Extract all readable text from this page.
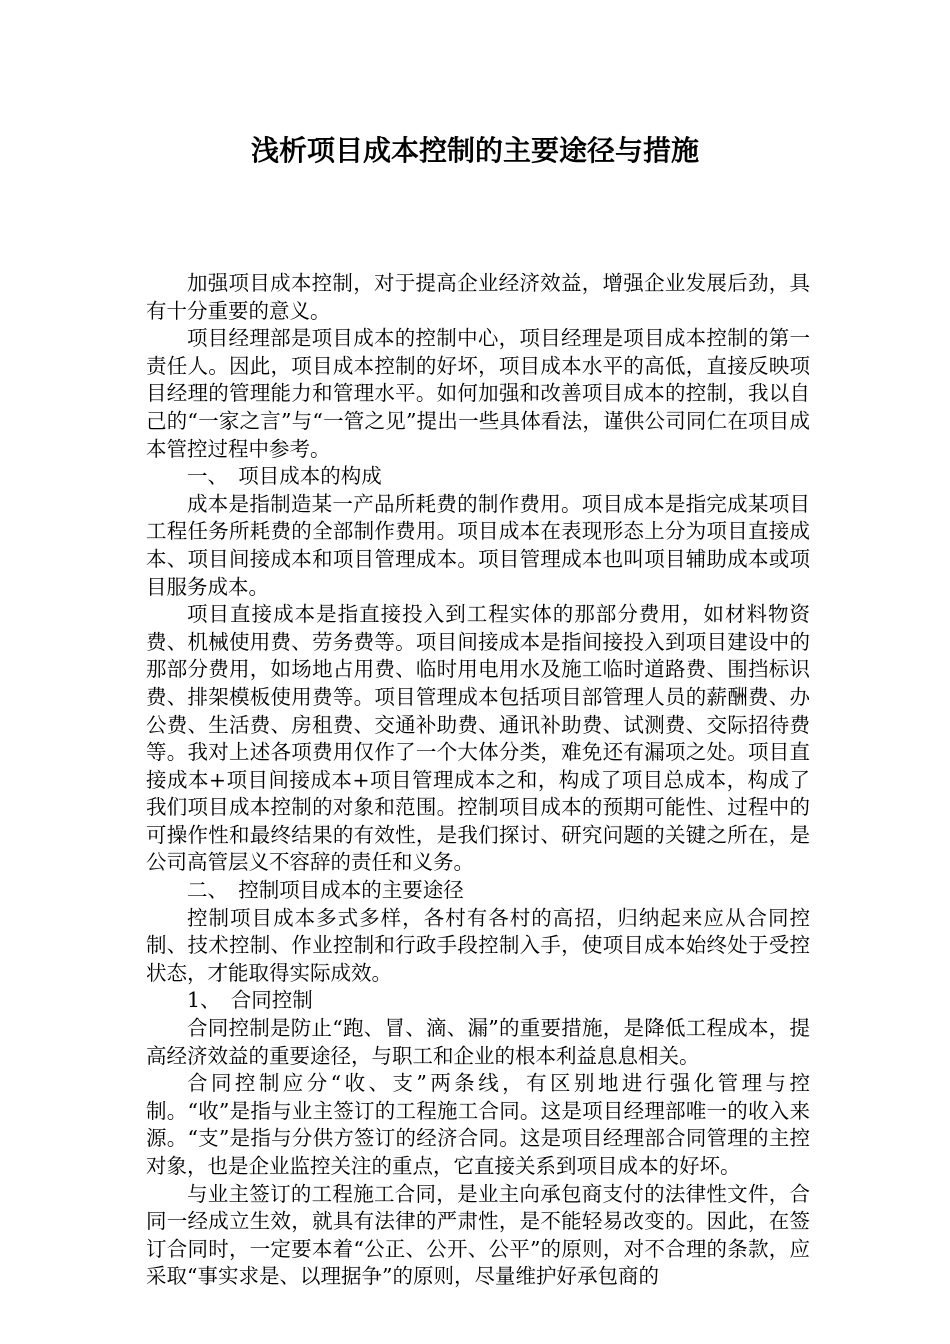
浅析项目成本控制的主要途径与措施

加强项目成本控制，对于提高企业经济效益，增强企业发展后劲，具有十分重要的意义。

项目经理部是项目成本的控制中心，项目经理是项目成本控制的第一责任人。因此，项目成本控制的好坏，项目成本水平的高低，直接反映项目经理的管理能力和管理水平。如何加强和改善项目成本的控制，我以自己的“一家之言”与“一管之见”提出一些具体看法，谨供公司同仁在项目成本管控过程中参考。

一、　项目成本的构成

成本是指制造某一产品所耗费的制作费用。项目成本是指完成某项目工程任务所耗费的全部制作费用。项目成本在表现形态上分为项目直接成本、项目间接成本和项目管理成本。项目管理成本也叫项目辅助成本或项目服务成本。

项目直接成本是指直接投入到工程实体的那部分费用，如材料物资费、机械使用费、劳务费等。项目间接成本是指间接投入到项目建设中的那部分费用，如场地占用费、临时用电用水及施工临时道路费、围挡标识费、排架模板使用费等。项目管理成本包括项目部管理人员的薪酬费、办公费、生活费、房租费、交通补助费、通讯补助费、试测费、交际招待费等。我对上述各项费用仅作了一个大体分类，难免还有漏项之处。项目直接成本+项目间接成本+项目管理成本之和，构成了项目总成本，构成了我们项目成本控制的对象和范围。控制项目成本的预期可能性、过程中的可操作性和最终结果的有效性，是我们探讨、研究问题的关键之所在，是公司高管层义不容辞的责任和义务。

二、　控制项目成本的主要途径

控制项目成本多式多样，各村有各村的高招，归纳起来应从合同控制、技术控制、作业控制和行政手段控制入手，使项目成本始终处于受控状态，才能取得实际成效。

1、　合同控制

合同控制是防止“跑、冒、滴、漏”的重要措施，是降低工程成本，提高经济效益的重要途径，与职工和企业的根本利益息息相关。

合同控制应分“收、支”两条线，有区别地进行强化管理与控制。“收”是指与业主签订的工程施工合同。这是项目经理部唯一的收入来源。“支”是指与分供方签订的经济合同。这是项目经理部合同管理的主控对象，也是企业监控关注的重点，它直接关系到项目成本的好坏。

与业主签订的工程施工合同，是业主向承包商支付的法律性文件，合同一经成立生效，就具有法律的严肃性，是不能轻易改变的。因此，在签订合同时，一定要本着“公正、公开、公平”的原则，对不合理的条款，应采取“事实求是、以理据争”的原则，尽量维护好承包商的
